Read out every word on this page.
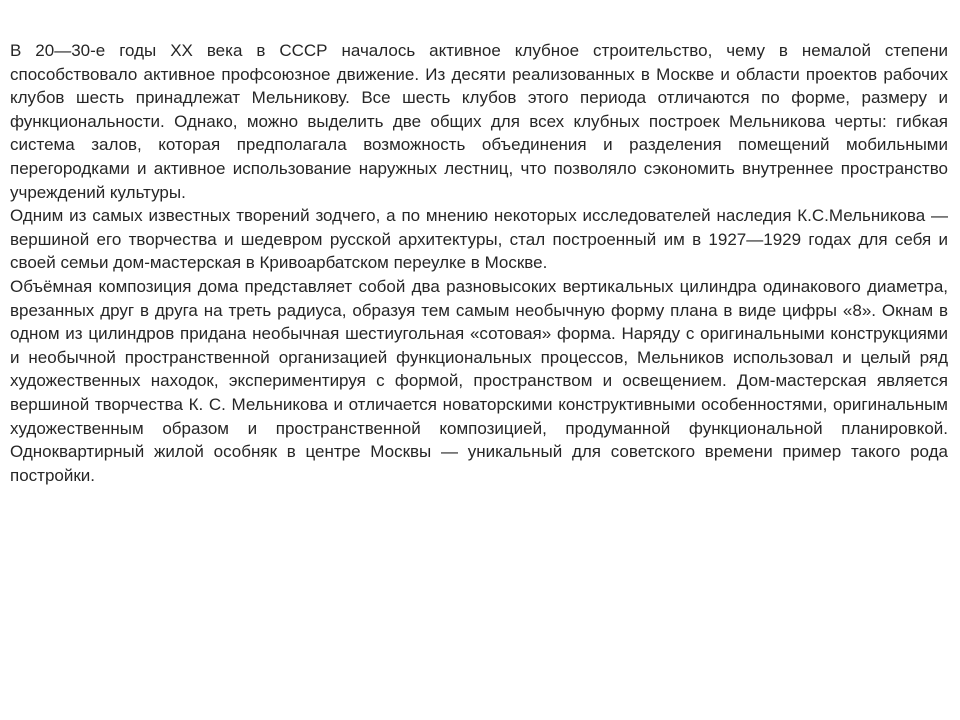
В 20—30-е годы XX века в СССР началось активное клубное строительство, чему в немалой степени способствовало активное профсоюзное движение. Из десяти реализованных в Москве и области проектов рабочих клубов шесть принадлежат Мельникову. Все шесть клубов этого периода отличаются по форме, размеру и функциональности. Однако, можно выделить две общих для всех клубных построек Мельникова черты: гибкая система залов, которая предполагала возможность объединения и разделения помещений мобильными перегородками и активное использование наружных лестниц, что позволяло сэкономить внутреннее пространство учреждений культуры.

Одним из самых известных творений зодчего, а по мнению некоторых исследователей наследия К.С.Мельникова — вершиной его творчества и шедевром русской архитектуры, стал построенный им в 1927—1929 годах для себя и своей семьи дом-мастерская в Кривоарбатском переулке в Москве.

Объёмная композиция дома представляет собой два разновысоких вертикальных цилиндра одинакового диаметра, врезанных друг в друга на треть радиуса, образуя тем самым необычную форму плана в виде цифры «8». Окнам в одном из цилиндров придана необычная шестиугольная «сотовая» форма. Наряду с оригинальными конструкциями и необычной пространственной организацией функциональных процессов, Мельников использовал и целый ряд художественных находок, экспериментируя с формой, пространством и освещением. Дом-мастерская является вершиной творчества К. С. Мельникова и отличается новаторскими конструктивными особенностями, оригинальным художественным образом и пространственной композицией, продуманной функциональной планировкой. Одноквартирный жилой особняк в центре Москвы — уникальный для советского времени пример такого рода постройки.
